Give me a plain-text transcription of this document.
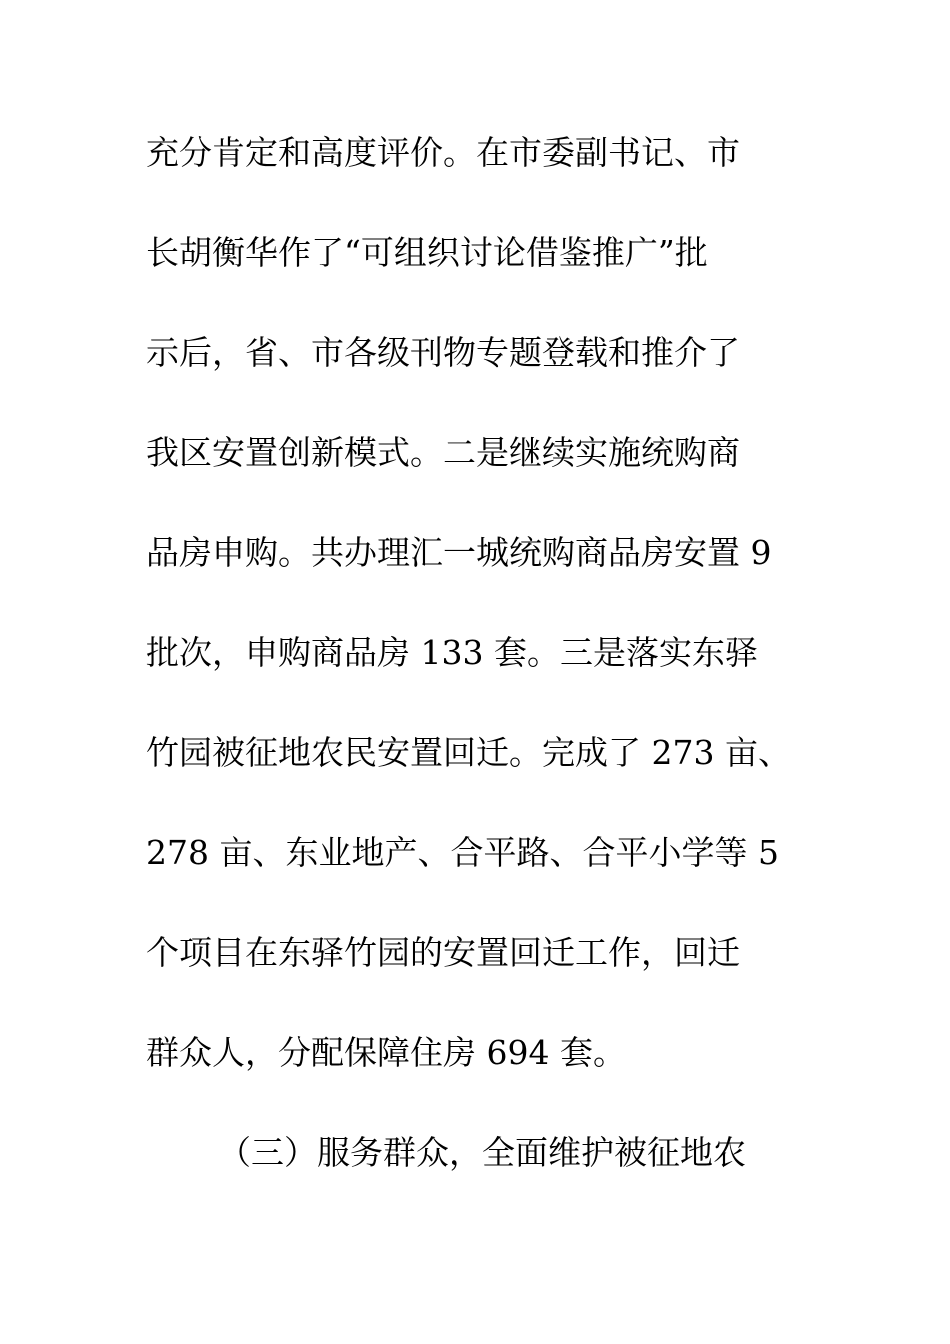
充分肯定和高度评价。在市委副书记、市
长胡衡华作了“可组织讨论借鉴推广”批
示后，省、市各级刊物专题登载和推介了
我区安置创新模式。二是继续实施统购商
品房申购。共办理汇一城统购商品房安置 9
批次，申购商品房 133 套。三是落实东驿
竹园被征地农民安置回迁。完成了 273 亩、
278 亩、东业地产、合平路、合平小学等 5
个项目在东驿竹园的安置回迁工作，回迁
群众人，分配保障住房 694 套。
（三）服务群众，全面维护被征地农
